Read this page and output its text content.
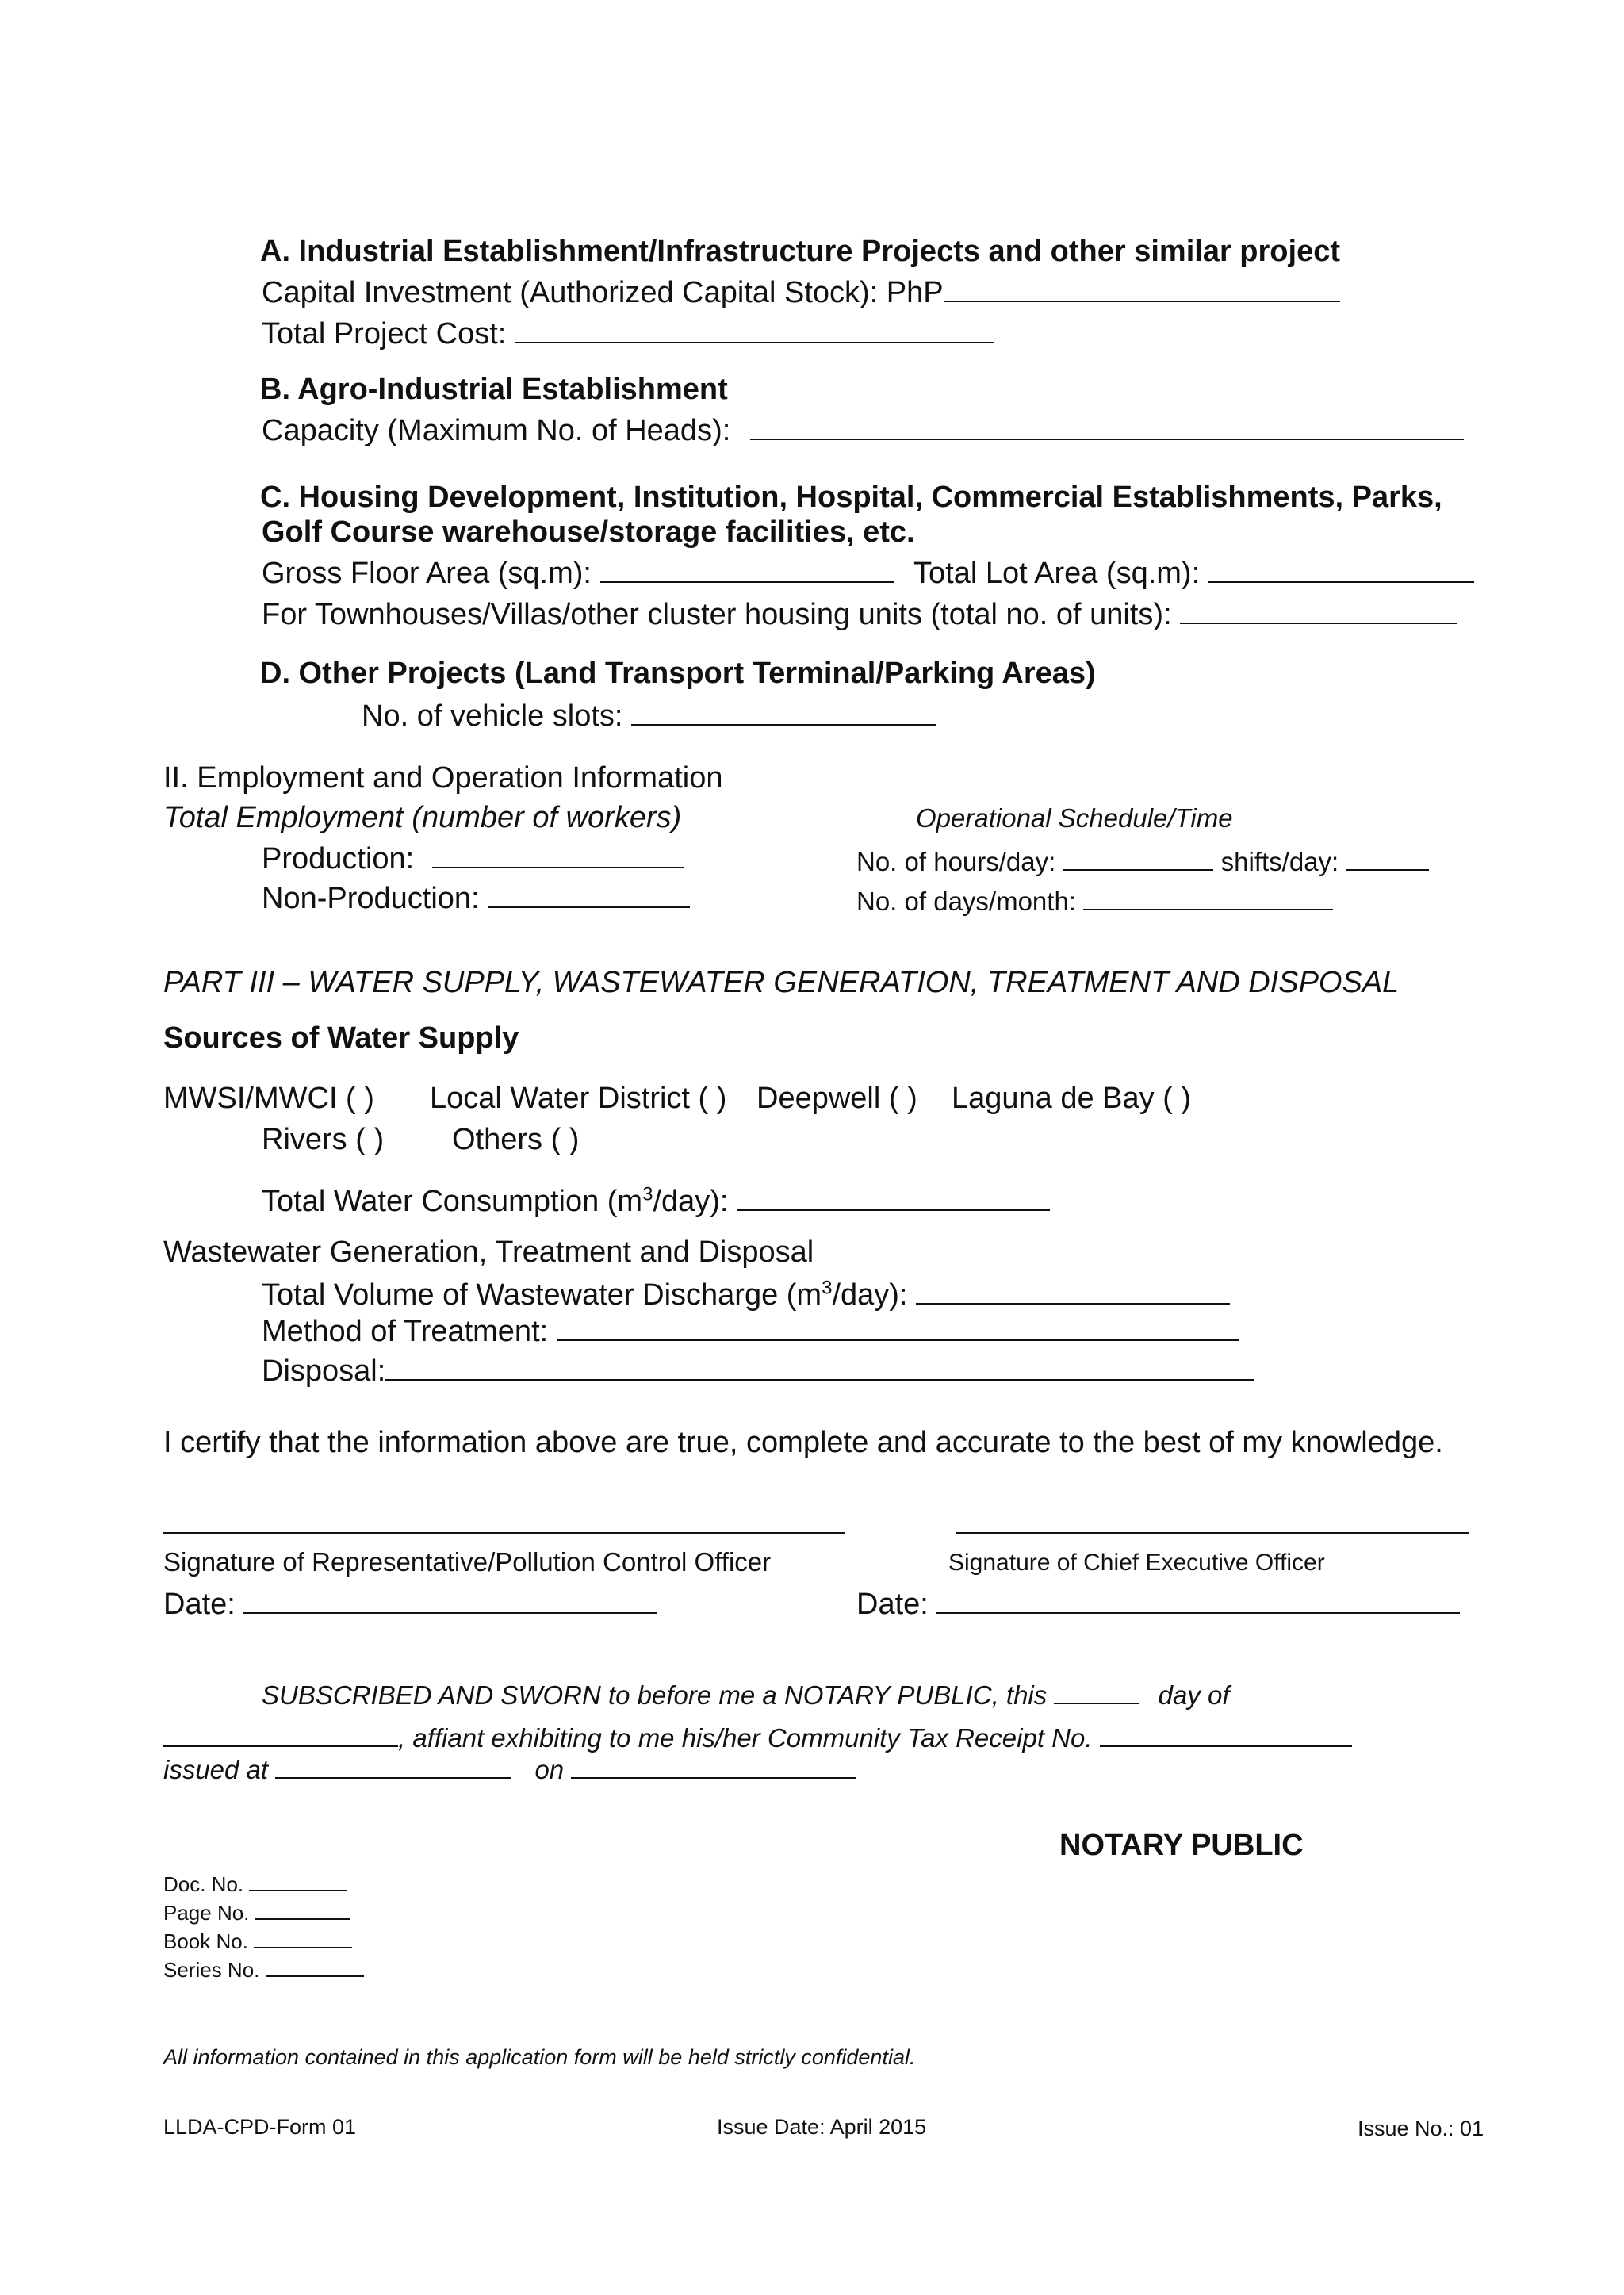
A. Industrial Establishment/Infrastructure Projects and other similar project
Capital Investment (Authorized Capital Stock): PhP
Total Project Cost:
B. Agro-Industrial Establishment
Capacity (Maximum No. of Heads):
C. Housing Development, Institution, Hospital, Commercial Establishments, Parks,
Golf Course warehouse/storage facilities, etc.
Gross Floor Area (sq.m):	Total Lot Area (sq.m):
For Townhouses/Villas/other cluster housing units (total no. of units):
D. Other Projects (Land Transport Terminal/Parking Areas)
No. of vehicle slots:
II. Employment and Operation Information
Total Employment (number of workers)	Operational Schedule/Time
Production:
Non-Production:
No. of hours/day:	shifts/day:
No. of days/month:
PART III – WATER SUPPLY, WASTEWATER GENERATION, TREATMENT AND DISPOSAL
Sources of Water Supply
MWSI/MWCI ( ) Local Water District ( ) Deepwell ( ) Laguna de Bay ( )
Rivers ( ) Others ( )
Total Water Consumption $(m^3/day)$:
Wastewater Generation, Treatment and Disposal
Total Volume of Wastewater Discharge $(m^3/day)$:
Method of Treatment:
Disposal:
I certify that the information above are true, complete and accurate to the best of my knowledge.
Signature of Representative/Pollution Control Officer	Signature of Chief Executive Officer
Date:	Date:
SUBSCRIBED AND SWORN to before me a NOTARY PUBLIC, this	day of
, affiant exhibiting to me his/her Community Tax Receipt No.
issued at	on
NOTARY PUBLIC
Doc. No.
Page No.
Book No.
Series No.
All information contained in this application form will be held strictly confidential.
LLDA-CPD-Form 01	Issue Date: April 2015	Issue No.: 01
